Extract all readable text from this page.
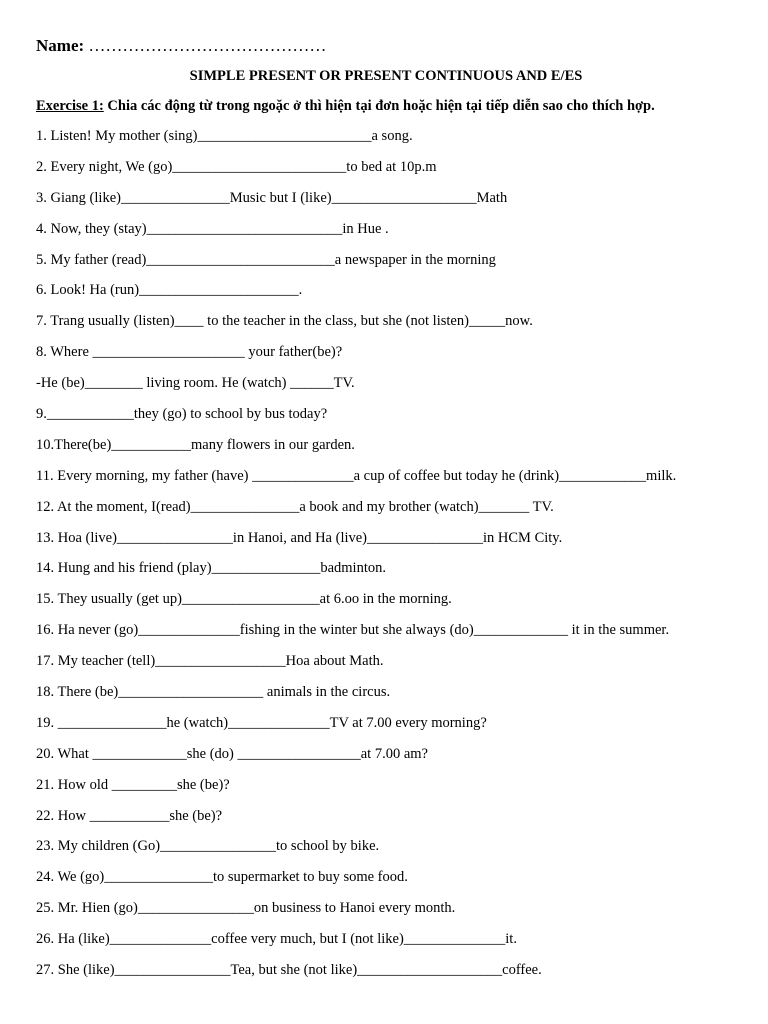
Name: ……………………………………
SIMPLE PRESENT OR PRESENT CONTINUOUS AND E/ES
Exercise 1: Chia các động từ trong ngoặc ở thì hiện tại đơn hoặc hiện tại tiếp diễn sao cho thích hợp.
1. Listen! My mother (sing)________________________a song.
2. Every night, We (go)________________________to bed at 10p.m
3. Giang (like)_______________Music but I (like)____________________Math
4. Now, they (stay)___________________________in Hue .
5. My father (read)__________________________a newspaper in the morning
6. Look! Ha (run)______________________.
7. Trang usually (listen)____ to the teacher in the class, but she (not listen)_____now.
8. Where _____________________ your father(be)?
-He (be)________ living room. He (watch) ______TV.
9.____________they (go) to school by bus today?
10.There(be)___________many flowers in our garden.
11. Every morning, my father (have) ______________a cup of coffee but today he (drink)____________milk.
12. At the moment, I(read)_______________a book and my brother (watch)_______ TV.
13. Hoa (live)________________in Hanoi, and Ha (live)________________in HCM City.
14. Hung and his friend (play)_______________badminton.
15. They usually (get up)___________________at 6.oo in the morning.
16. Ha never (go)______________fishing in the winter but she always (do)_____________ it in the summer.
17. My teacher (tell)__________________Hoa about Math.
18. There (be)____________________ animals in the circus.
19. _______________he (watch)______________TV at 7.00 every morning?
20. What _____________she (do) _________________at 7.00 am?
21. How old _________she (be)?
22. How ___________she (be)?
23. My children (Go)________________to school by bike.
24. We (go)_______________to supermarket to buy some food.
25. Mr. Hien (go)________________on business to Hanoi every month.
26. Ha (like)______________coffee very much, but I (not like)______________it.
27. She (like)________________Tea, but she (not like)____________________coffee.
